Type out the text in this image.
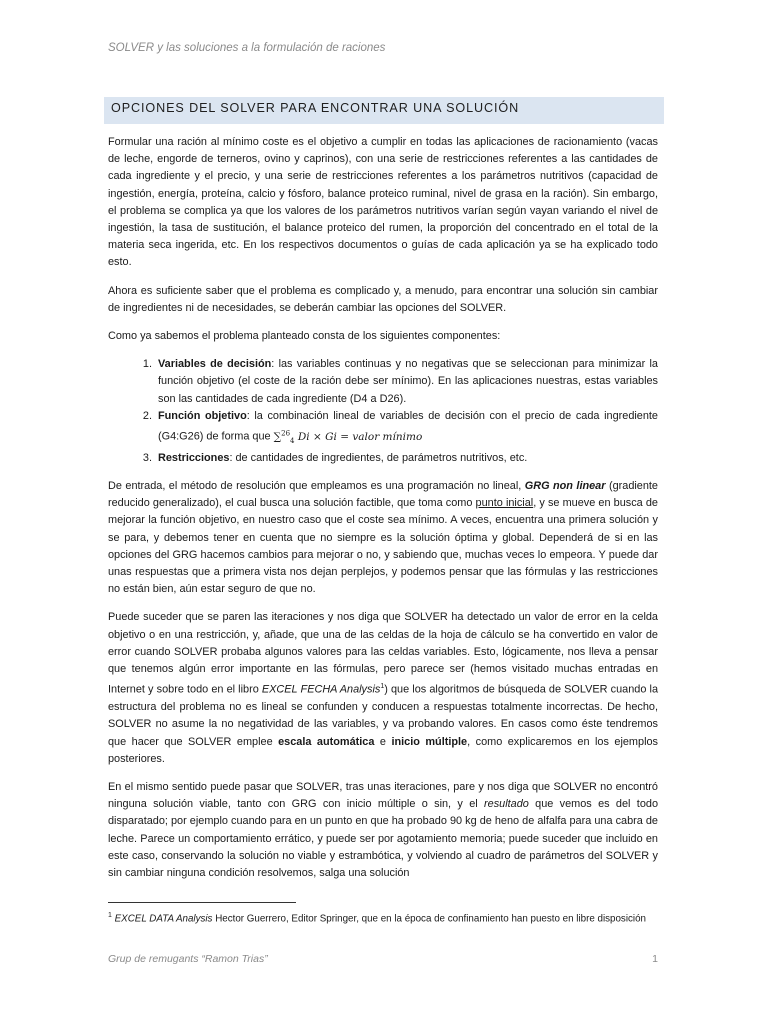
SOLVER y las soluciones a la formulación de raciones
OPCIONES DEL SOLVER PARA ENCONTRAR UNA SOLUCIÓN

Formular una ración al mínimo coste es el objetivo a cumplir en todas las aplicaciones de racionamiento (vacas de leche, engorde de terneros, ovino y caprinos), con una serie de restricciones referentes a las cantidades de cada ingrediente y el precio, y una serie de restricciones referentes a los parámetros nutritivos (capacidad de ingestión, energía, proteína, calcio y fósforo, balance proteico ruminal, nivel de grasa en la ración). Sin embargo, el problema se complica ya que los valores de los parámetros nutritivos varían según vayan variando el nivel de ingestión, la tasa de sustitución, el balance proteico del rumen, la proporción del concentrado en el total de la materia seca ingerida, etc. En los respectivos documentos o guías de cada aplicación ya se ha explicado todo esto.

Ahora es suficiente saber que el problema es complicado y, a menudo, para encontrar una solución sin cambiar de ingredientes ni de necesidades, se deberán cambiar las opciones del SOLVER.

Como ya sabemos el problema planteado consta de los siguientes componentes:

1. Variables de decisión: las variables continuas y no negativas que se seleccionan para minimizar la función objetivo (el coste de la ración debe ser mínimo). En las aplicaciones nuestras, estas variables son las cantidades de cada ingrediente (D4 a D26).
2. Función objetivo: la combinación lineal de variables de decisión con el precio de cada ingrediente (G4:G26) de forma que ∑$^{26}_4$ Di × Gi = valor mínimo
3. Restricciones: de cantidades de ingredientes, de parámetros nutritivos, etc.

De entrada, el método de resolución que empleamos es una programación no lineal, GRG non linear (gradiente reducido generalizado), el cual busca una solución factible, que toma como punto inicial, y se mueve en busca de mejorar la función objetivo, en nuestro caso que el coste sea mínimo. A veces, encuentra una primera solución y se para, y debemos tener en cuenta que no siempre es la solución óptima y global. Dependerá de si en las opciones del GRG hacemos cambios para mejorar o no, y sabiendo que, muchas veces lo empeora. Y puede dar unas respuestas que a primera vista nos dejan perplejos, y podemos pensar que las fórmulas y las restricciones no están bien, aún estar seguro de que no.

Puede suceder que se paren las iteraciones y nos diga que SOLVER ha detectado un valor de error en la celda objetivo o en una restricción, y, añade, que una de las celdas de la hoja de cálculo se ha convertido en valor de error cuando SOLVER probaba algunos valores para las celdas variables. Esto, lógicamente, nos lleva a pensar que tenemos algún error importante en las fórmulas, pero parece ser (hemos visitado muchas entradas en Internet y sobre todo en el libro EXCEL FECHA Analysis$^1$) que los algoritmos de búsqueda de SOLVER cuando la estructura del problema no es lineal se confunden y conducen a respuestas totalmente incorrectas. De hecho, SOLVER no asume la no negatividad de las variables, y va probando valores. En casos como éste tendremos que hacer que SOLVER emplee escala automática e inicio múltiple, como explicaremos en los ejemplos posteriores.

En el mismo sentido puede pasar que SOLVER, tras unas iteraciones, pare y nos diga que SOLVER no encontró ninguna solución viable, tanto con GRG con inicio múltiple o sin, y el resultado que vemos es del todo disparatado; por ejemplo cuando para en un punto en que ha probado 90 kg de heno de alfalfa para una cabra de leche. Parece un comportamiento errático, y puede ser por agotamiento memoria; puede suceder que incluido en este caso, conservando la solución no viable y estrambótica, y volviendo al cuadro de parámetros del SOLVER y sin cambiar ninguna condición resolvemos, salga una solución

$^1$ EXCEL DATA Analysis Hector Guerrero, Editor Springer, que en la época de confinamiento han puesto en libre disposición
Grup de remugants “Ramon Trias”	1
